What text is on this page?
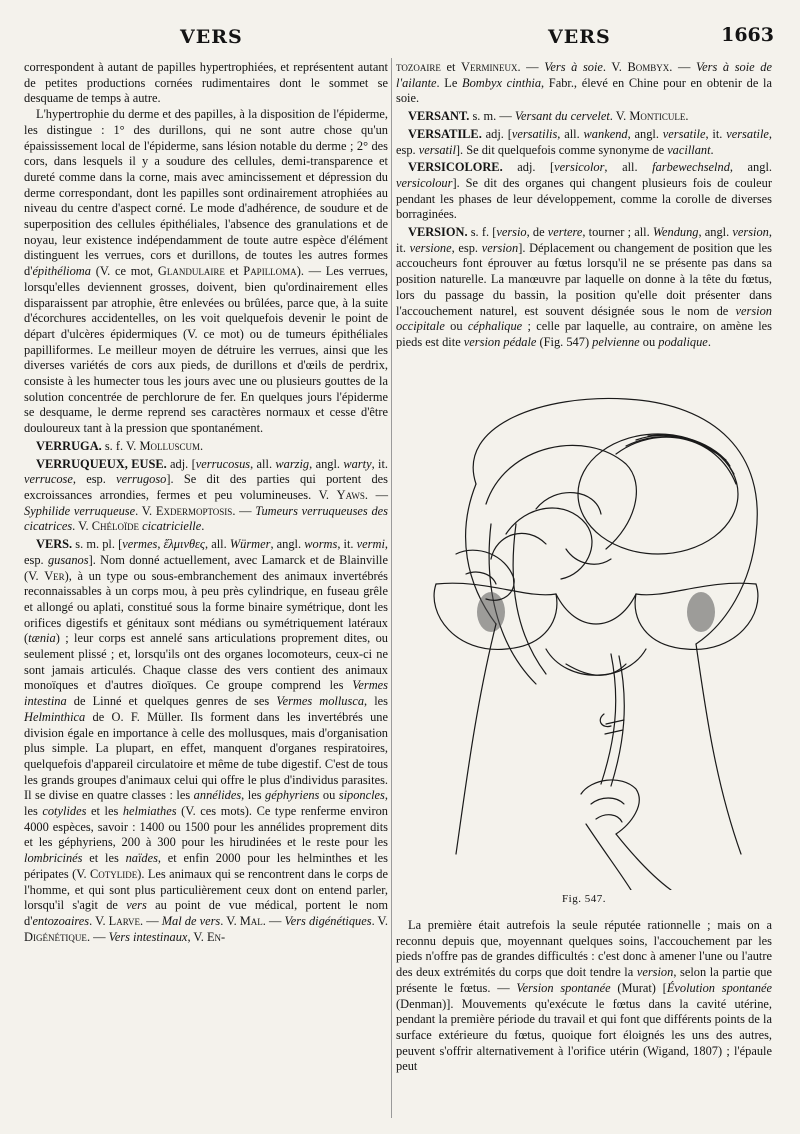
VERS	VERS	1663

correspondent à autant de papilles hypertrophiées, et représentent autant de petites productions cornées rudimentaires dont le sommet se desquame de temps à autre.

L'hypertrophie du derme et des papilles, à la disposition de l'épiderme, les distingue : 1° des durillons, qui ne sont autre chose qu'un épaississement local de l'épiderme, sans lésion notable du derme ; 2° des cors, dans lesquels il y a soudure des cellules, demi-transparence et dureté comme dans la corne, mais avec amincissement et dépression du derme correspondant, dont les papilles sont ordinairement atrophiées au niveau du centre d'aspect corné. Le mode d'adhérence, de soudure et de superposition des cellules épithéliales, l'absence des granulations et de noyau, leur existence indépendamment de toute autre espèce d'élément distinguent les verrues, cors et durillons, de toutes les autres formes d'épithélioma (V. ce mot, Glandulaire et Papilloma). — Les verrues, lorsqu'elles deviennent grosses, doivent, bien qu'ordinairement elles disparaissent par atrophie, être enlevées ou brûlées, parce que, à la suite d'écorchures accidentelles, on les voit quelquefois devenir le point de départ d'ulcères épidermiques (V. ce mot) ou de tumeurs épithéliales papilliformes. Le meilleur moyen de détruire les verrues, ainsi que les diverses variétés de cors aux pieds, de durillons et d'œils de perdrix, consiste à les humecter tous les jours avec une ou plusieurs gouttes de la solution concentrée de perchlorure de fer. En quelques jours l'épiderme se desquame, le derme reprend ses caractères normaux et cesse d'être douloureux tant à la pression que spontanément.

VERRUGA. s. f. V. Molluscum.

VERRUQUEUX, EUSE. adj. [verrucosus, all. warzig, angl. warty, it. verrucose, esp. verrugoso]. Se dit des parties qui portent des excroissances arrondies, fermes et peu volumineuses. V. Yaws. — Syphilide verruqueuse. V. Exdermoptosis. — Tumeurs verruqueuses des cicatrices. V. Chéloïde cicatricielle.

VERS. s. m. pl. [vermes, ἕλμινθες, all. Würmer, angl. worms, it. vermi, esp. gusanos]. Nom donné actuellement, avec Lamarck et de Blainville (V. Ver), à un type ou sous-embranchement des animaux invertébrés reconnaissables à un corps mou, à peu près cylindrique, en fuseau grêle et allongé ou aplati, constitué sous la forme binaire symétrique, dont les orifices digestifs et génitaux sont médians ou symétriquement latéraux (tænia) ; leur corps est annelé sans articulations proprement dites, ou seulement plissé ; et, lorsqu'ils ont des organes locomoteurs, ceux-ci ne sont jamais articulés. Chaque classe des vers contient des animaux monoïques et d'autres dioïques. Ce groupe comprend les Vermes intestina de Linné et quelques genres de ses Vermes mollusca, les Helminthica de O. F. Müller. Ils forment dans les invertébrés une division égale en importance à celle des mollusques, mais d'organisation plus simple. La plupart, en effet, manquent d'organes respiratoires, quelquefois d'appareil circulatoire et même de tube digestif. C'est de tous les grands groupes d'animaux celui qui offre le plus d'individus parasites. Il se divise en quatre classes : les annélides, les géphyriens ou siponcles, les cotylides et les helmiathes (V. ces mots). Ce type renferme environ 4000 espèces, savoir : 1400 ou 1500 pour les annélides proprement dits et les géphyriens, 200 à 300 pour les hirudinées et le reste pour les lombricinés et les naïdes, et enfin 2000 pour les helminthes et les péripates (V. Cotylide). Les animaux qui se rencontrent dans le corps de l'homme, et qui sont plus particulièrement ceux dont on entend parler, lorsqu'il s'agit de vers au point de vue médical, portent le nom d'entozoaires. V. Larve. — Mal de vers. V. Mal. — Vers digénétiques. V. Digénétique. — Vers intestinaux, V. En-

tozoaire et Vermineux. — Vers à soie. V. Bombyx. — Vers à soie de l'ailante. Le Bombyx cinthia, Fabr., élevé en Chine pour en obtenir de la soie.

VERSANT. s. m. — Versant du cervelet. V. Monticule.

VERSATILE. adj. [versatilis, all. wankend, angl. versatile, it. versatile, esp. versatil]. Se dit quelquefois comme synonyme de vacillant.

VERSICOLORE. adj. [versicolor, all. farbewechselnd, angl. versicolour]. Se dit des organes qui changent plusieurs fois de couleur pendant les phases de leur développement, comme la corolle de diverses borraginées.

VERSION. s. f. [versio, de vertere, tourner ; all. Wendung, angl. version, it. versione, esp. version]. Déplacement ou changement de position que les accoucheurs font éprouver au fœtus lorsqu'il ne se présente pas dans sa position naturelle. La manœuvre par laquelle on donne à la tête du fœtus, lors du passage du bassin, la position qu'elle doit présenter dans l'accouchement naturel, est souvent désignée sous le nom de version occipitale ou céphalique ; celle par laquelle, au contraire, on amène les pieds est dite version pédale (Fig. 547) pelvienne ou podalique.

Fig. 547.

La première était autrefois la seule réputée rationnelle ; mais on a reconnu depuis que, moyennant quelques soins, l'accouchement par les pieds n'offre pas de grandes difficultés : c'est donc à amener l'une ou l'autre des deux extrémités du corps que doit tendre la version, selon la partie que présente le fœtus. — Version spontanée (Murat) [Évolution spontanée (Denman)]. Mouvements qu'exécute le fœtus dans la cavité utérine, pendant la première période du travail et qui font que différents points de la surface extérieure du fœtus, quoique fort éloignés les uns des autres, peuvent s'offrir alternativement à l'orifice utérin (Wigand, 1807) ; l'épaule peut
